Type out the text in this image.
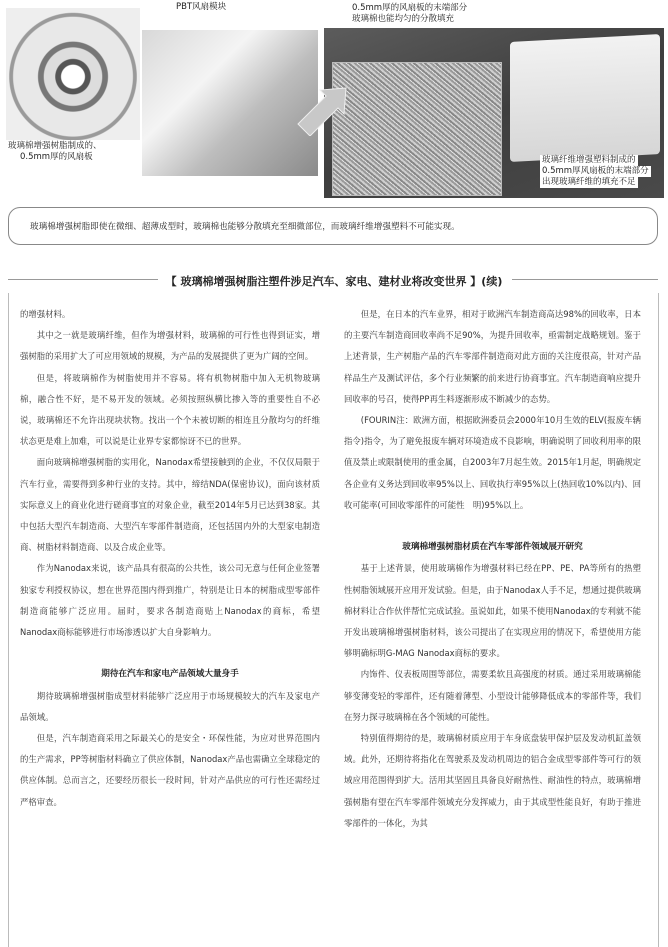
PBT风扇模块	0.5mm厚的风扇板的末端部分
玻璃棉也能均匀的分散填充
玻璃棉增强树脂制成的、
0.5mm厚的风扇板	玻璃纤维增强塑料制成的
0.5mm厚风扇板的末端部分
出现玻璃纤维的填充不足
玻璃棉增强树脂即使在微细、超薄成型时，玻璃棉也能够分散填充至细微部位，而玻璃纤维增强塑料不可能实现。
【 玻璃棉增强树脂注塑件涉足汽车、家电、建材业将改变世界 】(续)

的增强材料。

其中之一就是玻璃纤维，但作为增强材料，玻璃棉的可行性也得到证实，增强树脂的采用扩大了可应用领域的规模，为产品的发展提供了更为广阔的空间。

但是，将玻璃棉作为树脂使用并不容易。将有机物树脂中加入无机物玻璃棉，融合性不好，是不易开发的领域。必须按照纵横比掺入等的重要性自不必说，玻璃棉还不允许出现块状物。找出一个个未被切断的相连且分散均匀的纤维状态更是难上加难，可以说是让业界专家都惊讶不已的世界。

面向玻璃棉增强树脂的实用化，Nanodax希望接触到的企业，不仅仅局限于汽车行业，需要得到多种行业的支持。其中，缔结NDA(保密协议)，面向该材质实际意义上的商业化进行磋商事宜的对象企业，截至2014年5月已达到38家。其中包括大型汽车制造商、大型汽车零部件制造商，还包括国内外的大型家电制造商、树脂材料制造商、以及合成企业等。

作为Nanodax来说，该产品具有很高的公共性，该公司无意与任何企业签署独家专利授权协议，想在世界范围内得到推广，特别是让日本的树脂成型零部件制造商能够广泛应用。届时，要求各制造商贴上Nanodax的商标，希望Nanodax商标能够进行市场渗透以扩大自身影响力。

期待在汽车和家电产品领域大量身手

期待玻璃棉增强树脂成型材料能够广泛应用于市场规模较大的汽车及家电产品领域。

但是，汽车制造商采用之际最关心的是安全・环保性能，为应对世界范围内的生产需求，PP等树脂材料确立了供应体制，Nanodax产品也需确立全球稳定的供应体制。总而言之，还要经历很长一段时间，针对产品供应的可行性还需经过严格审查。

但是，在日本的汽车业界，相对于欧洲汽车制造商高达98%的回收率，日本的主要汽车制造商回收率尚不足90%，为提升回收率，亟需制定战略规划。鉴于上述背景，生产树脂产品的汽车零部件制造商对此方面的关注度很高，针对产品样品生产及测试评估，多个行业频繁的前来进行协商事宜。汽车制造商响应提升回收率的号召，使得PP再生料逐渐形成不断减少的态势。

(FOURIN注：欧洲方面，根据欧洲委员会2000年10月生效的ELV(报废车辆指令)指令，为了避免报废车辆对环境造成不良影响，明确说明了回收利用率的限值及禁止或限制使用的重金属，自2003年7月起生效。2015年1月起，明确规定各企业有义务达到回收率95%以上、回收执行率95%以上(热回收10%以内)、回收可能率(可回收零部件的可能性　明)95%以上。

玻璃棉增强树脂材质在汽车零部件领域展开研究

基于上述背景，使用玻璃棉作为增强材料已经在PP、PE、PA等所有的热塑性树脂领域展开应用开发试验。但是，由于Nanodax人手不足，想通过提供玻璃棉材料让合作伙伴帮忙完成试验。虽说如此，如果不使用Nanodax的专利就不能开发出玻璃棉增强树脂材料，该公司提出了在实现应用的情况下，希望使用方能够明确标明G-MAG Nanodax商标的要求。

内饰件、仪表板周围等部位，需要柔软且高强度的材质。通过采用玻璃棉能够变薄变轻的零部件，还有随着薄型、小型设计能够降低成本的零部件等，我们在努力探寻玻璃棉在各个领域的可能性。

特别值得期待的是，玻璃棉材质应用于车身底盘装甲保护层及发动机缸盖领域。此外，还期待将指化在驾驶系及发动机周边的铝合金成型零部件等可行的领域应用范围得到扩大。活用其坚固且具备良好耐热性、耐油性的特点，玻璃棉增强树脂有望在汽车零部件领域充分发挥威力，由于其成型性能良好，有助于推进零部件的一体化，为其
